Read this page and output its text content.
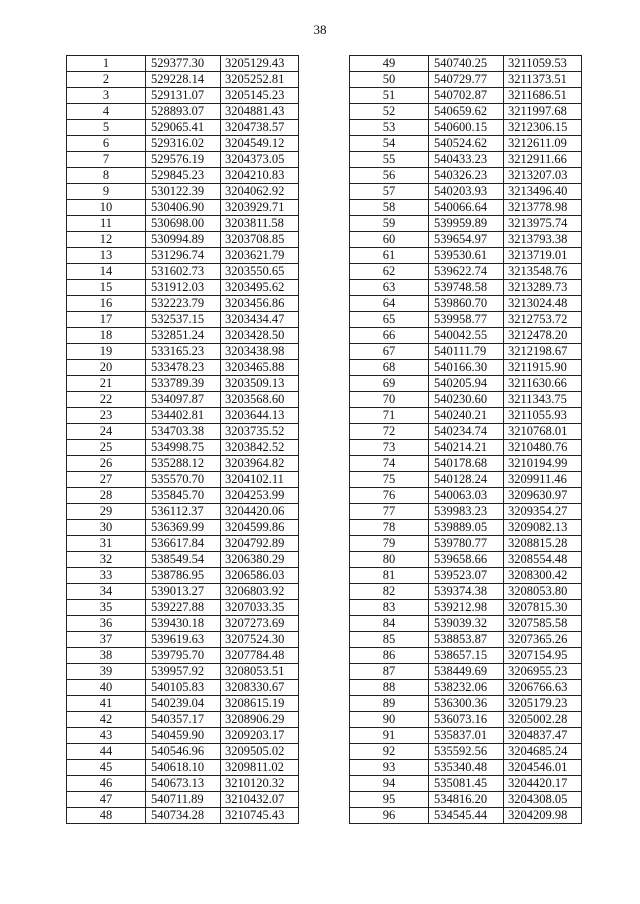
38
1	529377.30	3205129.43
2	529228.14	3205252.81
3	529131.07	3205145.23
4	528893.07	3204881.43
5	529065.41	3204738.57
6	529316.02	3204549.12
7	529576.19	3204373.05
8	529845.23	3204210.83
9	530122.39	3204062.92
10	530406.90	3203929.71
11	530698.00	3203811.58
12	530994.89	3203708.85
13	531296.74	3203621.79
14	531602.73	3203550.65
15	531912.03	3203495.62
16	532223.79	3203456.86
17	532537.15	3203434.47
18	532851.24	3203428.50
19	533165.23	3203438.98
20	533478.23	3203465.88
21	533789.39	3203509.13
22	534097.87	3203568.60
23	534402.81	3203644.13
24	534703.38	3203735.52
25	534998.75	3203842.52
26	535288.12	3203964.82
27	535570.70	3204102.11
28	535845.70	3204253.99
29	536112.37	3204420.06
30	536369.99	3204599.86
31	536617.84	3204792.89
32	538549.54	3206380.29
33	538786.95	3206586.03
34	539013.27	3206803.92
35	539227.88	3207033.35
36	539430.18	3207273.69
37	539619.63	3207524.30
38	539795.70	3207784.48
39	539957.92	3208053.51
40	540105.83	3208330.67
41	540239.04	3208615.19
42	540357.17	3208906.29
43	540459.90	3209203.17
44	540546.96	3209505.02
45	540618.10	3209811.02
46	540673.13	3210120.32
47	540711.89	3210432.07
48	540734.28	3210745.43
49	540740.25	3211059.53
50	540729.77	3211373.51
51	540702.87	3211686.51
52	540659.62	3211997.68
53	540600.15	3212306.15
54	540524.62	3212611.09
55	540433.23	3212911.66
56	540326.23	3213207.03
57	540203.93	3213496.40
58	540066.64	3213778.98
59	539959.89	3213975.74
60	539654.97	3213793.38
61	539530.61	3213719.01
62	539622.74	3213548.76
63	539748.58	3213289.73
64	539860.70	3213024.48
65	539958.77	3212753.72
66	540042.55	3212478.20
67	540111.79	3212198.67
68	540166.30	3211915.90
69	540205.94	3211630.66
70	540230.60	3211343.75
71	540240.21	3211055.93
72	540234.74	3210768.01
73	540214.21	3210480.76
74	540178.68	3210194.99
75	540128.24	3209911.46
76	540063.03	3209630.97
77	539983.23	3209354.27
78	539889.05	3209082.13
79	539780.77	3208815.28
80	539658.66	3208554.48
81	539523.07	3208300.42
82	539374.38	3208053.80
83	539212.98	3207815.30
84	539039.32	3207585.58
85	538853.87	3207365.26
86	538657.15	3207154.95
87	538449.69	3206955.23
88	538232.06	3206766.63
89	536300.36	3205179.23
90	536073.16	3205002.28
91	535837.01	3204837.47
92	535592.56	3204685.24
93	535340.48	3204546.01
94	535081.45	3204420.17
95	534816.20	3204308.05
96	534545.44	3204209.98
